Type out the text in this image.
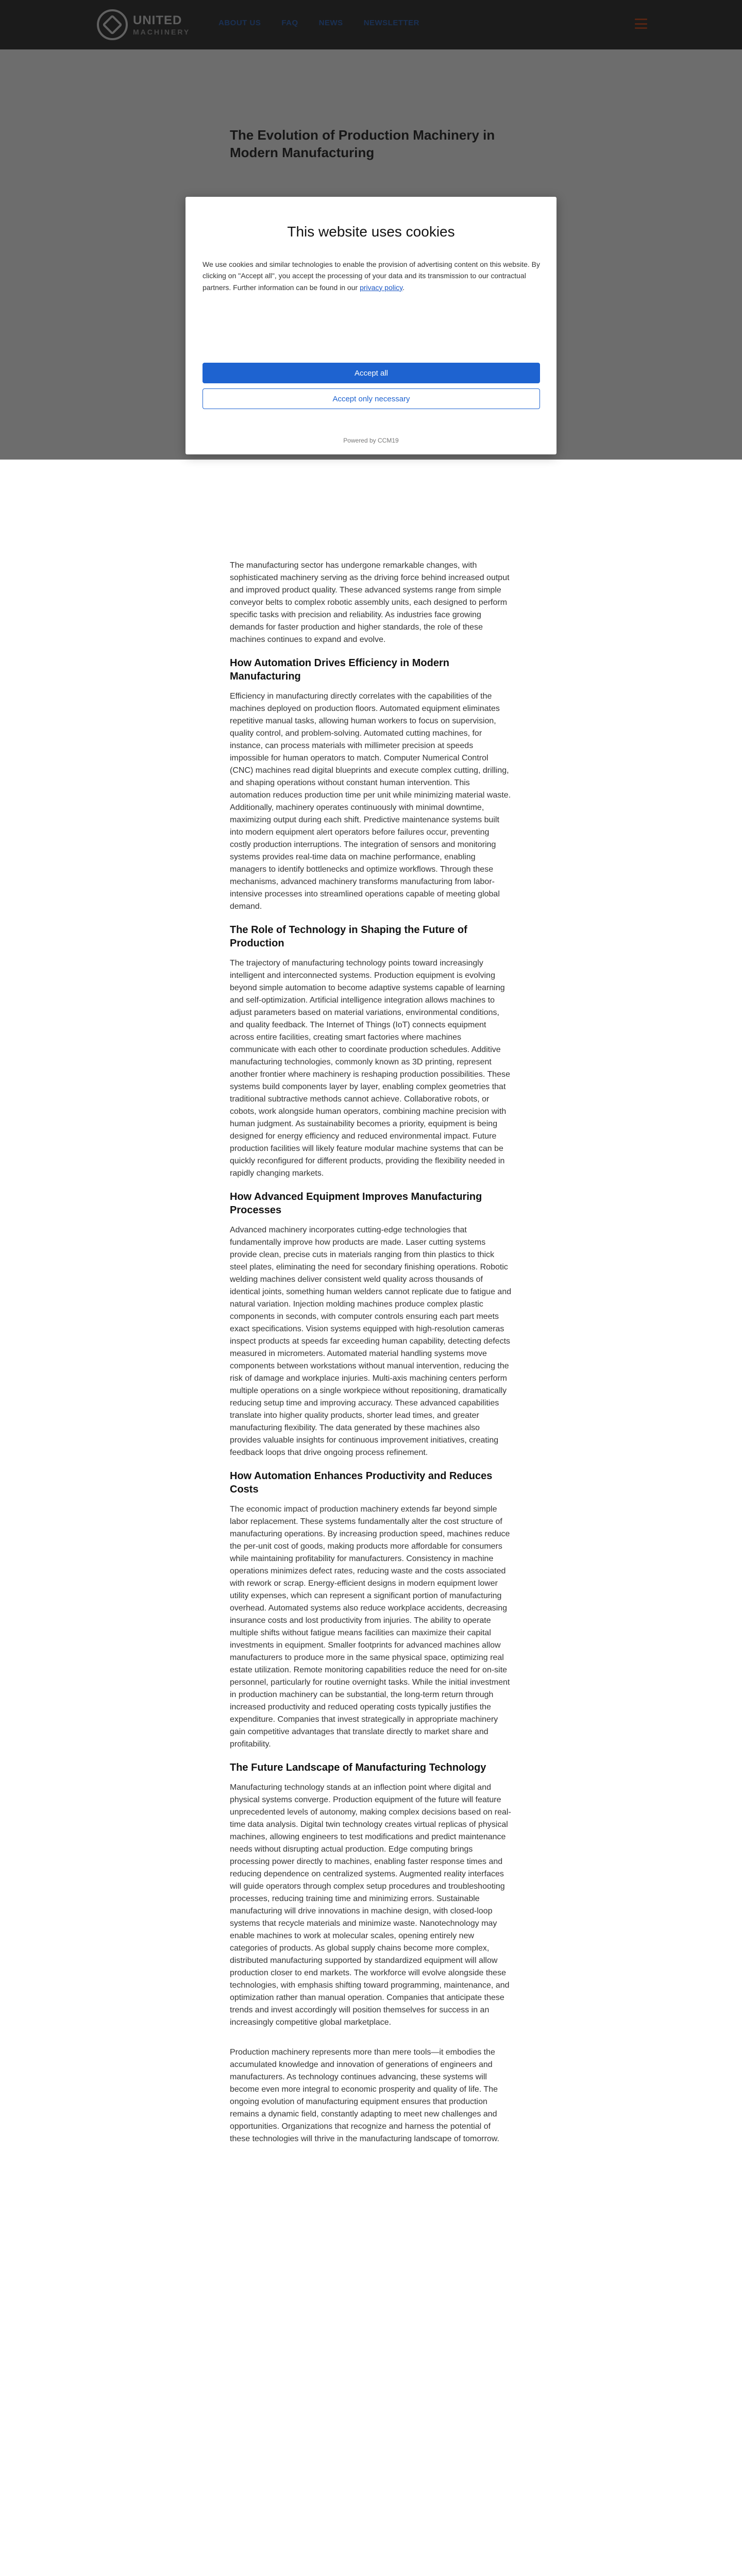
This website uses cookies
We use cookies and similar technologies to enable the provision of advertising content on this website. By clicking on "Accept all", you accept the processing of your data and its transmission to our contractual partners. Further information can be found in our privacy policy.
Accept all
Accept only necessary
Powered by CCM19

The manufacturing sector has undergone remarkable changes, with sophisticated machinery serving as the driving force behind increased output and improved product quality. These advanced systems range from simple conveyor belts to complex robotic assembly units, each designed to perform specific tasks with precision and reliability. As industries face growing demands for faster production and higher standards, the role of these machines continues to expand and evolve.

How Automation Drives Efficiency in Modern Manufacturing

Efficiency in manufacturing directly correlates with the capabilities of the machines deployed on production floors. Automated equipment eliminates repetitive manual tasks, allowing human workers to focus on supervision, quality control, and problem-solving. Automated cutting machines, for instance, can process materials with millimeter precision at speeds impossible for human operators to match. Computer Numerical Control (CNC) machines read digital blueprints and execute complex cutting, drilling, and shaping operations without constant human intervention. This automation reduces production time per unit while minimizing material waste. Additionally, machinery operates continuously with minimal downtime, maximizing output during each shift. Predictive maintenance systems built into modern equipment alert operators before failures occur, preventing costly production interruptions. The integration of sensors and monitoring systems provides real-time data on machine performance, enabling managers to identify bottlenecks and optimize workflows. Through these mechanisms, advanced machinery transforms manufacturing from labor-intensive processes into streamlined operations capable of meeting global demand.

The Role of Technology in Shaping the Future of Production

The trajectory of manufacturing technology points toward increasingly intelligent and interconnected systems. Production equipment is evolving beyond simple automation to become adaptive systems capable of learning and self-optimization. Artificial intelligence integration allows machines to adjust parameters based on material variations, environmental conditions, and quality feedback. The Internet of Things (IoT) connects equipment across entire facilities, creating smart factories where machines communicate with each other to coordinate production schedules. Additive manufacturing technologies, commonly known as 3D printing, represent another frontier where machinery is reshaping production possibilities. These systems build components layer by layer, enabling complex geometries that traditional subtractive methods cannot achieve. Collaborative robots, or cobots, work alongside human operators, combining machine precision with human judgment. As sustainability becomes a priority, equipment is being designed for energy efficiency and reduced environmental impact. Future production facilities will likely feature modular machine systems that can be quickly reconfigured for different products, providing the flexibility needed in rapidly changing markets.

How Advanced Equipment Improves Manufacturing Processes

Advanced machinery incorporates cutting-edge technologies that fundamentally improve how products are made. Laser cutting systems provide clean, precise cuts in materials ranging from thin plastics to thick steel plates, eliminating the need for secondary finishing operations. Robotic welding machines deliver consistent weld quality across thousands of identical joints, something human welders cannot replicate due to fatigue and natural variation. Injection molding machines produce complex plastic components in seconds, with computer controls ensuring each part meets exact specifications. Vision systems equipped with high-resolution cameras inspect products at speeds far exceeding human capability, detecting defects measured in micrometers. Automated material handling systems move components between workstations without manual intervention, reducing the risk of damage and workplace injuries. Multi-axis machining centers perform multiple operations on a single workpiece without repositioning, dramatically reducing setup time and improving accuracy. These advanced capabilities translate into higher quality products, shorter lead times, and greater manufacturing flexibility. The data generated by these machines also provides valuable insights for continuous improvement initiatives, creating feedback loops that drive ongoing process refinement.

How Automation Enhances Productivity and Reduces Costs

The economic impact of production machinery extends far beyond simple labor replacement. These systems fundamentally alter the cost structure of manufacturing operations. By increasing production speed, machines reduce the per-unit cost of goods, making products more affordable for consumers while maintaining profitability for manufacturers. Consistency in machine operations minimizes defect rates, reducing waste and the costs associated with rework or scrap. Energy-efficient designs in modern equipment lower utility expenses, which can represent a significant portion of manufacturing overhead. Automated systems also reduce workplace accidents, decreasing insurance costs and lost productivity from injuries. The ability to operate multiple shifts without fatigue means facilities can maximize their capital investments in equipment. Smaller footprints for advanced machines allow manufacturers to produce more in the same physical space, optimizing real estate utilization. Remote monitoring capabilities reduce the need for on-site personnel, particularly for routine overnight tasks. While the initial investment in production machinery can be substantial, the long-term return through increased productivity and reduced operating costs typically justifies the expenditure. Companies that invest strategically in appropriate machinery gain competitive advantages that translate directly to market share and profitability.

The Future Landscape of Manufacturing Technology

Manufacturing technology stands at an inflection point where digital and physical systems converge. Production equipment of the future will feature unprecedented levels of autonomy, making complex decisions based on real-time data analysis. Digital twin technology creates virtual replicas of physical machines, allowing engineers to test modifications and predict maintenance needs without disrupting actual production. Edge computing brings processing power directly to machines, enabling faster response times and reducing dependence on centralized systems. Augmented reality interfaces will guide operators through complex setup procedures and troubleshooting processes, reducing training time and minimizing errors. Sustainable manufacturing will drive innovations in machine design, with closed-loop systems that recycle materials and minimize waste. Nanotechnology may enable machines to work at molecular scales, opening entirely new categories of products. As global supply chains become more complex, distributed manufacturing supported by standardized equipment will allow production closer to end markets. The workforce will evolve alongside these technologies, with emphasis shifting toward programming, maintenance, and optimization rather than manual operation. Companies that anticipate these trends and invest accordingly will position themselves for success in an increasingly competitive global marketplace.

Production machinery represents more than mere tools—it embodies the accumulated knowledge and innovation of generations of engineers and manufacturers. As technology continues advancing, these systems will become even more integral to economic prosperity and quality of life. The ongoing evolution of manufacturing equipment ensures that production remains a dynamic field, constantly adapting to meet new challenges and opportunities. Organizations that recognize and harness the potential of these technologies will thrive in the manufacturing landscape of tomorrow.
